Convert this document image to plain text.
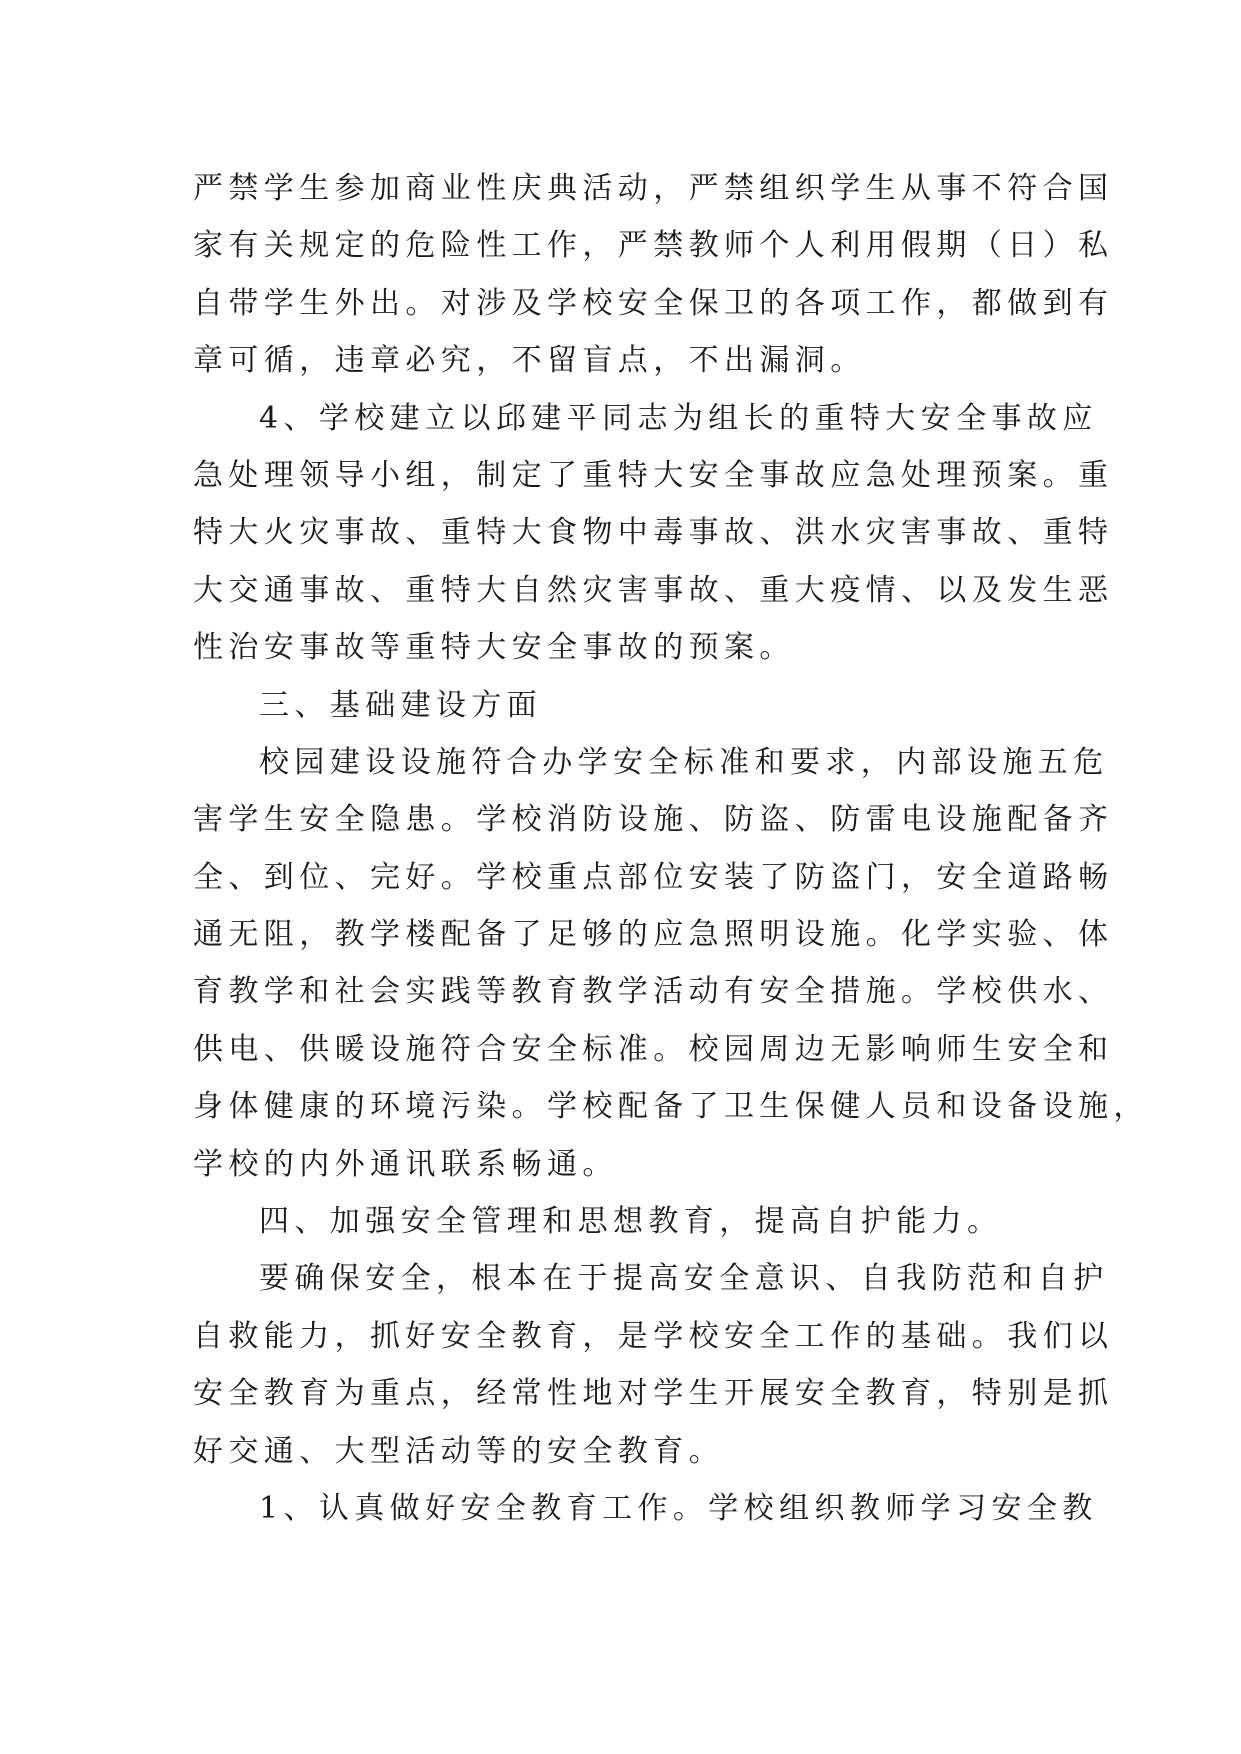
严禁学生参加商业性庆典活动，严禁组织学生从事不符合国
家有关规定的危险性工作，严禁教师个人利用假期（日）私
自带学生外出。对涉及学校安全保卫的各项工作，都做到有
章可循，违章必究，不留盲点，不出漏洞。
4、学校建立以邱建平同志为组长的重特大安全事故应
急处理领导小组，制定了重特大安全事故应急处理预案。重
特大火灾事故、重特大食物中毒事故、洪水灾害事故、重特
大交通事故、重特大自然灾害事故、重大疫情、以及发生恶
性治安事故等重特大安全事故的预案。
三、基础建设方面
校园建设设施符合办学安全标准和要求，内部设施五危
害学生安全隐患。学校消防设施、防盗、防雷电设施配备齐
全、到位、完好。学校重点部位安装了防盗门，安全道路畅
通无阻，教学楼配备了足够的应急照明设施。化学实验、体
育教学和社会实践等教育教学活动有安全措施。学校供水、
供电、供暖设施符合安全标准。校园周边无影响师生安全和
身体健康的环境污染。学校配备了卫生保健人员和设备设施，
学校的内外通讯联系畅通。
四、加强安全管理和思想教育，提高自护能力。
要确保安全，根本在于提高安全意识、自我防范和自护
自救能力，抓好安全教育，是学校安全工作的基础。我们以
安全教育为重点，经常性地对学生开展安全教育，特别是抓
好交通、大型活动等的安全教育。
1、认真做好安全教育工作。学校组织教师学习安全教
